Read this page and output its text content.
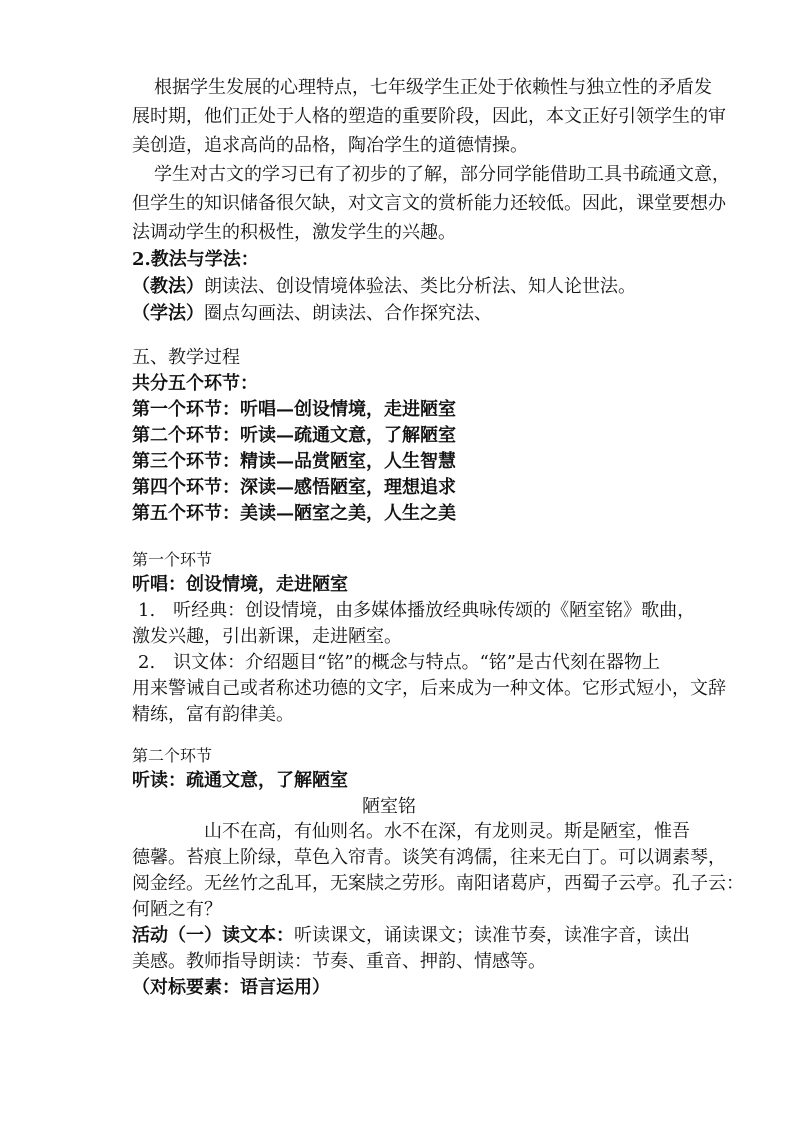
根据学生发展的心理特点，七年级学生正处于依赖性与独立性的矛盾发
展时期，他们正处于人格的塑造的重要阶段，因此，本文正好引领学生的审
美创造，追求高尚的品格，陶冶学生的道德情操。
学生对古文的学习已有了初步的了解，部分同学能借助工具书疏通文意，
但学生的知识储备很欠缺，对文言文的赏析能力还较低。因此，课堂要想办
法调动学生的积极性，激发学生的兴趣。
2.教法与学法：
（教法）朗读法、创设情境体验法、类比分析法、知人论世法。
（学法）圈点勾画法、朗读法、合作探究法、
五、教学过程
共分五个环节：
第一个环节：听唱—创设情境，走进陋室
第二个环节：听读—疏通文意，了解陋室
第三个环节：精读—品赏陋室，人生智慧
第四个环节：深读—感悟陋室，理想追求
第五个环节：美读—陋室之美，人生之美
第一个环节
听唱：创设情境，走进陋室
1.　听经典：创设情境，由多媒体播放经典咏传颂的《陋室铭》歌曲，
激发兴趣，引出新课，走进陋室。
2.　识文体：介绍题目“铭”的概念与特点。“铭”是古代刻在器物上
用来警诫自己或者称述功德的文字，后来成为一种文体。它形式短小，文辞
精练，富有韵律美。
第二个环节
听读：疏通文意，了解陋室
陋室铭
山不在高，有仙则名。水不在深，有龙则灵。斯是陋室，惟吾
德馨。苔痕上阶绿，草色入帘青。谈笑有鸿儒，往来无白丁。可以调素琴，
阅金经。无丝竹之乱耳，无案牍之劳形。南阳诸葛庐，西蜀子云亭。孔子云：
何陋之有？
活动（一）读文本：听读课文，诵读课文；读准节奏，读准字音，读出
美感。教师指导朗读：节奏、重音、押韵、情感等。
（对标要素：语言运用）
